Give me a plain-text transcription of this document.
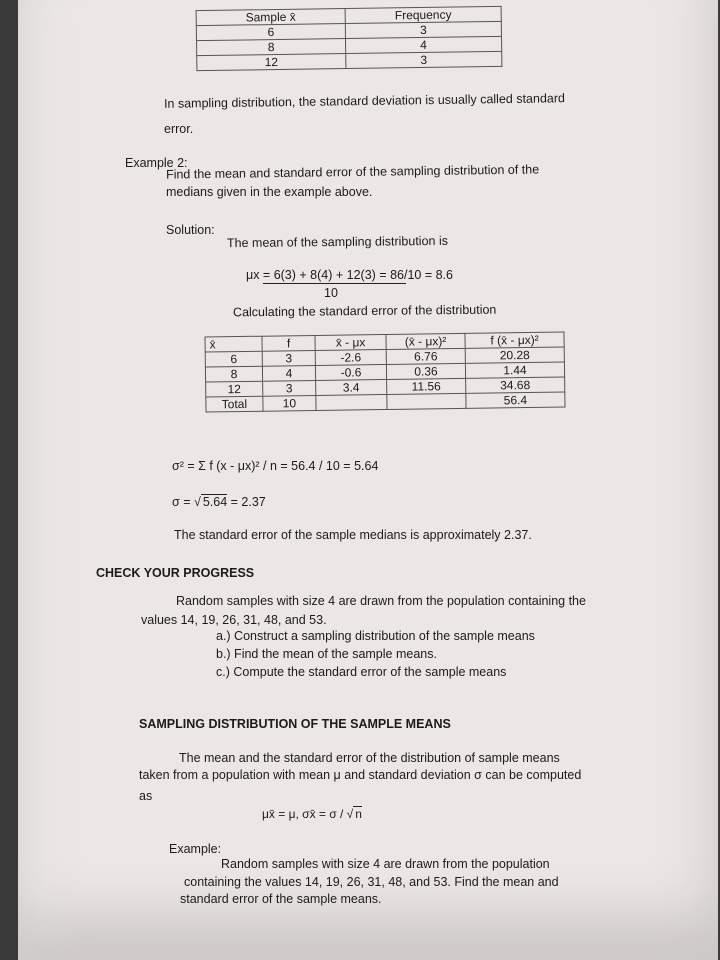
Sample x̄	Frequency
6	3
8	4
12	3
In sampling distribution, the standard deviation is usually called standard
error.
Example 2:
Find the mean and standard error of the sampling distribution of the
medians given in the example above.
Solution:
The mean of the sampling distribution is
μx = 6(3) + 8(4) + 12(3) = 86/10 = 8.6
10
Calculating the standard error of the distribution
x̄	f	x̄ - μx	(x̄ - μx)²	f (x̄ - μx)²
6	3	-2.6	6.76	20.28
8	4	-0.6	0.36	1.44
12	3	3.4	11.56	34.68
Total	10			56.4
σ² = Σ f (x - μx)² / n = 56.4 / 10 = 5.64
σ = √ 5.64 = 2.37
The standard error of the sample medians is approximately 2.37.
CHECK YOUR PROGRESS
Random samples with size 4 are drawn from the population containing the
values 14, 19, 26, 31, 48, and 53.
a.) Construct a sampling distribution of the sample means
b.) Find the mean of the sample means.
c.) Compute the standard error of the sample means
SAMPLING DISTRIBUTION OF THE SAMPLE MEANS
The mean and the standard error of the distribution of sample means
taken from a population with mean μ and standard deviation σ can be computed
as
μx̄ = μ, σx̄ = σ / √ n
Example:
Random samples with size 4 are drawn from the population
containing the values 14, 19, 26, 31, 48, and 53. Find the mean and
standard error of the sample means.
